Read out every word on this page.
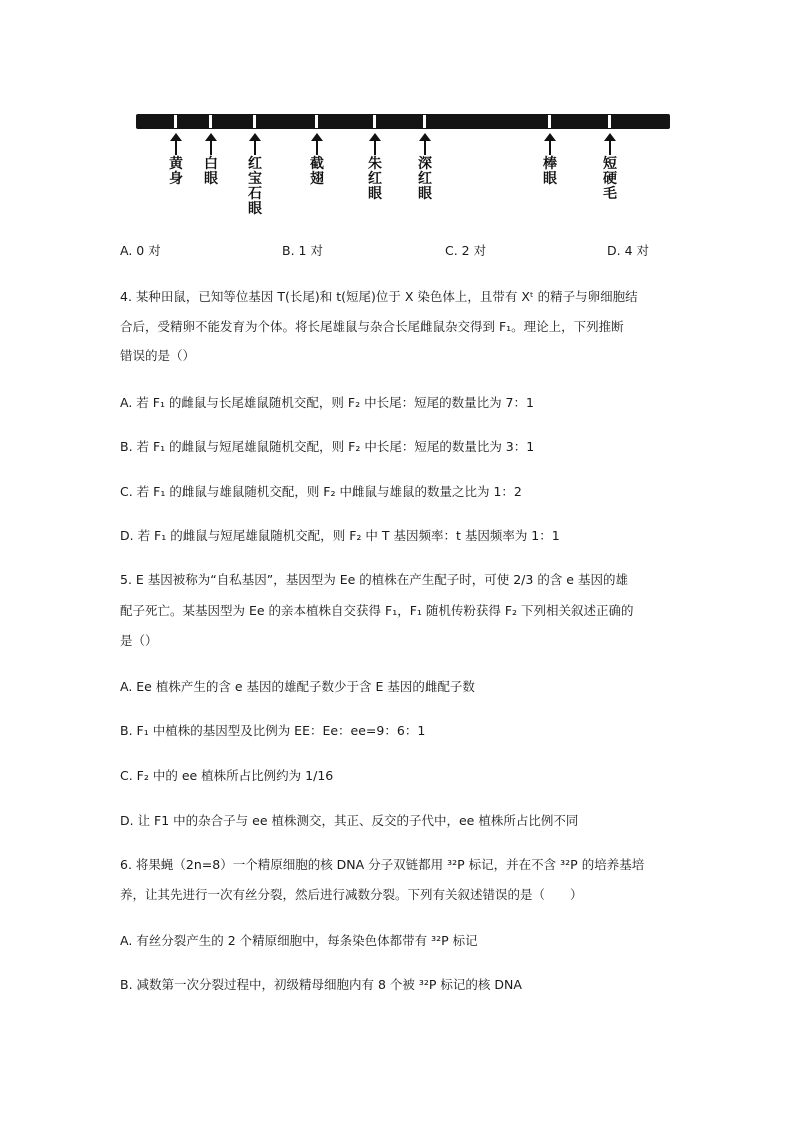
黄身
白眼
红宝石眼
截翅
朱红眼
深红眼
棒眼
短硬毛
A. 0 对	B. 1 对	C. 2 对	D. 4 对
4. 某种田鼠，已知等位基因 T(长尾)和 t(短尾)位于 X 染色体上，且带有 Xᵗ 的精子与卵细胞结
合后，受精卵不能发育为个体。将长尾雄鼠与杂合长尾雌鼠杂交得到 F₁。理论上，下列推断
错误的是（）
A. 若 F₁ 的雌鼠与长尾雄鼠随机交配，则 F₂ 中长尾：短尾的数量比为 7：1
B. 若 F₁ 的雌鼠与短尾雄鼠随机交配，则 F₂ 中长尾：短尾的数量比为 3：1
C. 若 F₁ 的雌鼠与雄鼠随机交配，则 F₂ 中雌鼠与雄鼠的数量之比为 1：2
D. 若 F₁ 的雌鼠与短尾雄鼠随机交配，则 F₂ 中 T 基因频率：t 基因频率为 1：1
5. E 基因被称为“自私基因”，基因型为 Ee 的植株在产生配子时，可使 2/3 的含 e 基因的雄
配子死亡。某基因型为 Ee 的亲本植株自交获得 F₁，F₁ 随机传粉获得 F₂ 下列相关叙述正确的
是（）
A. Ee 植株产生的含 e 基因的雄配子数少于含 E 基因的雌配子数
B. F₁ 中植株的基因型及比例为 EE：Ee：ee=9：6：1
C. F₂ 中的 ee 植株所占比例约为 1/16
D. 让 F1 中的杂合子与 ee 植株测交，其正、反交的子代中，ee 植株所占比例不同
6. 将果蝇（2n=8）一个精原细胞的核 DNA 分子双链都用 ³²P 标记，并在不含 ³²P 的培养基培
养，让其先进行一次有丝分裂，然后进行减数分裂。下列有关叙述错误的是（　　）
A. 有丝分裂产生的 2 个精原细胞中，每条染色体都带有 ³²P 标记
B. 减数第一次分裂过程中，初级精母细胞内有 8 个被 ³²P 标记的核 DNA
